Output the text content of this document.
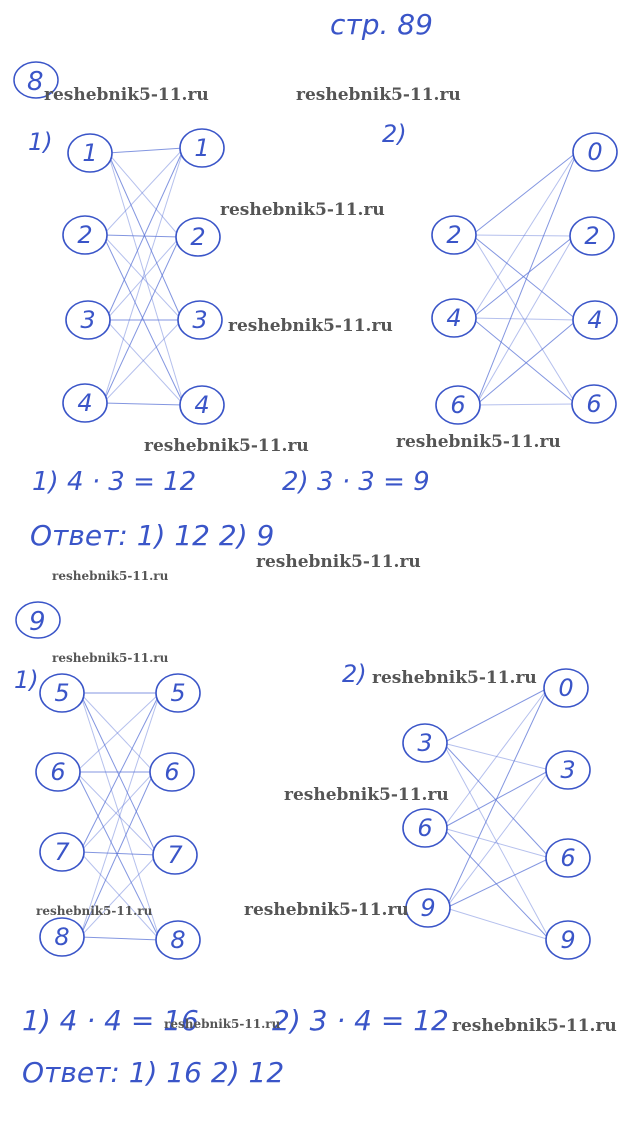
стр. 89
8
1)	2)
1
2
3
4
1
2
3
4
2
4
6
0
2
4
6
1) 4 · 3 = 12	2) 3 · 3 = 9
Ответ: 1) 12 2) 9
9
1)	2)
5
6
7
8
5
6
7
8
3
6
9
0
3
6
9
1) 4 · 4 = 16	2) 3 · 4 = 12
Ответ: 1) 16 2) 12
reshebnik5-11.ru	reshebnik5-11.ru
reshebnik5-11.ru
reshebnik5-11.ru
reshebnik5-11.ru	reshebnik5-11.ru
reshebnik5-11.ru
reshebnik5-11.ru
reshebnik5-11.ru
reshebnik5-11.ru
reshebnik5-11.ru
reshebnik5-11.ru	reshebnik5-11.ru
reshebnik5-11.ru	reshebnik5-11.ru
